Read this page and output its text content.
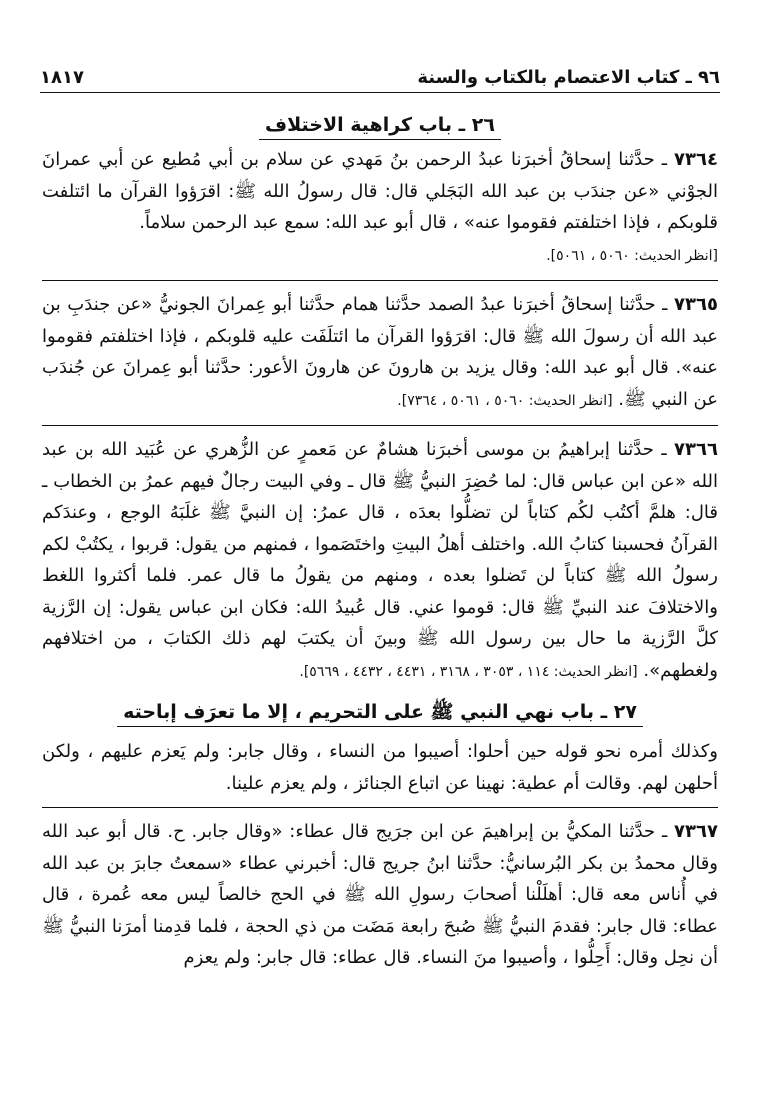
٩٦ ـ كتاب الاعتصام بالكتاب والسنة
١٨١٧
٢٦ ـ باب كراهية الاختلاف

٧٣٦٤ ـ حدَّثنا إسحاقُ أخبرَنا عبدُ الرحمن بنُ مَهدي عن سلام بن أبي مُطيع عن أبي عمرانَ الجوْني «عن جندَب بن عبد الله البَجَلي قال: قال رسولُ الله ﷺ: اقرَؤوا القرآن ما ائتلفت قلوبكم ، فإذا اختلفتم فقوموا عنه» ، قال أبو عبد الله: سمع عبد الرحمن سلاماً.
[انظر الحديث: ٥٠٦٠ ، ٥٠٦١].

٧٣٦٥ ـ حدَّثنا إسحاقُ أخبرَنا عبدُ الصمد حدَّثنا همام حدَّثنا أبو عِمرانَ الجونيُّ «عن جندَبِ بن عبد الله أن رسولَ الله ﷺ قال: اقرَؤوا القرآن ما ائتلَفَت عليه قلوبكم ، فإذا اختلفتم فقوموا عنه». قال أبو عبد الله: وقال يزيد بن هارونَ عن هارونَ الأعور: حدَّثنا أبو عِمرانَ عن جُندَب عن النبي ﷺ. [انظر الحديث: ٥٠٦٠ ، ٥٠٦١ ، ٧٣٦٤].

٧٣٦٦ ـ حدَّثنا إبراهيمُ بن موسى أخبرَنا هشامٌ عن مَعمرٍ عن الزُّهري عن عُبَيد الله بن عبد الله «عن ابن عباس قال: لما حُضِرَ النبيُّ ﷺ قال ـ وفي البيت رجالٌ فيهم عمرُ بن الخطاب ـ قال: هلمَّ أكتُب لكُم كتاباً لن تضلُّوا بعدَه ، قال عمرُ: إن النبيَّ ﷺ غلَبَهُ الوجع ، وعندَكم القرآنُ فحسبنا كتابُ الله. واختلف أهلُ البيتِ واختَصَموا ، فمنهم من يقول: قربوا ، يكتُبْ لكم رسولُ الله ﷺ كتاباً لن تَضلوا بعده ، ومنهم من يقولُ ما قال عمر. فلما أكثروا اللغط والاختلافَ عند النبيِّ ﷺ قال: قوموا عني. قال عُبيدُ الله: فكان ابن عباس يقول: إن الرَّزية كلَّ الرَّزية ما حال بين رسول الله ﷺ وبينَ أن يكتبَ لهم ذلك الكتابَ ، من اختلافهم ولغطهم». [انظر الحديث: ١١٤ ، ٣٠٥٣ ، ٣١٦٨ ، ٤٤٣١ ، ٤٤٣٢ ، ٥٦٦٩].

٢٧ ـ باب نهي النبي ﷺ على التحريم ، إلا ما تعرَف إباحته

وكذلك أمره نحو قوله حين أحلوا: أصيبوا من النساء ، وقال جابر: ولم يَعزم عليهم ، ولكن أحلهن لهم. وقالت أم عطية: نهينا عن اتباع الجنائز ، ولم يعزم علينا.

٧٣٦٧ ـ حدَّثنا المكيُّ بن إبراهيمَ عن ابن جرَيج قال عطاء: «وقال جابر. ح. قال أبو عبد الله وقال محمدُ بن بكر البُرسانيُّ: حدَّثنا ابنُ جريج قال: أخبرني عطاء «سمعتُ جابرَ بن عبد الله في أُناس معه قال: أهلَلْنا أصحابَ رسولِ الله ﷺ في الحج خالصاً ليس معه عُمرة ، قال عطاء: قال جابر: فقدمَ النبيُّ ﷺ صُبحَ رابعة مَضَت من ذي الحجة ، فلما قدِمنا أمرَنا النبيُّ ﷺ أن نحِل وقال: أَحِلُّوا ، وأصيبوا منَ النساء. قال عطاء: قال جابر: ولم يعزم
